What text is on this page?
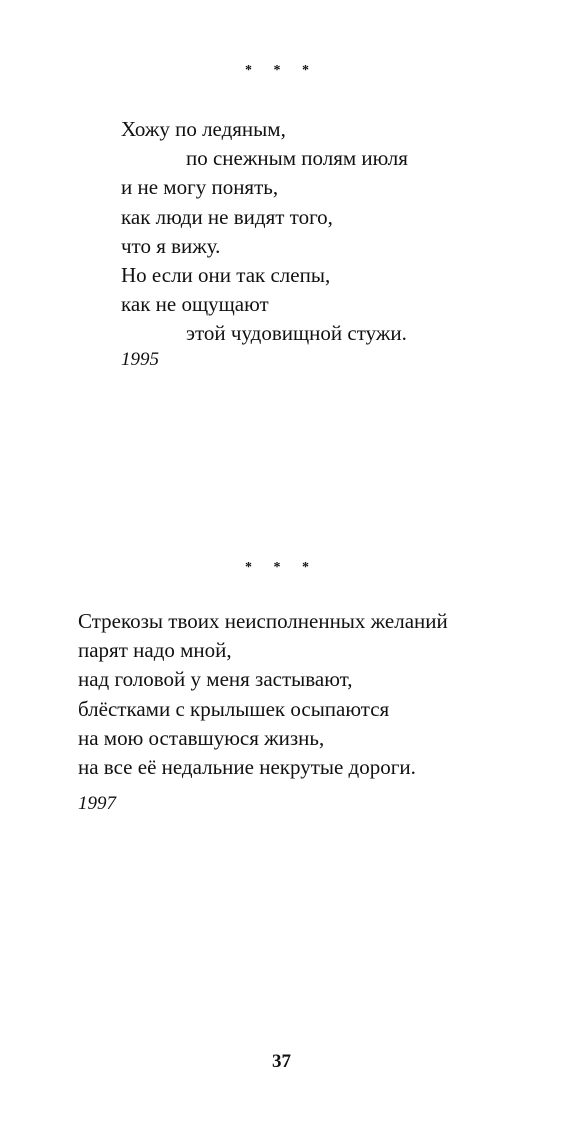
* * *
Хожу по ледяным,
по снежным полям июля
и не могу понять,
как люди не видят того,
что я вижу.
Но если они так слепы,
как не ощущают
этой чудовищной стужи.
1995
* * *
Стрекозы твоих неисполненных желаний
парят надо мной,
над головой у меня застывают,
блёстками с крылышек осыпаются
на мою оставшуюся жизнь,
на все её недальние некрутые дороги.
1997
37
